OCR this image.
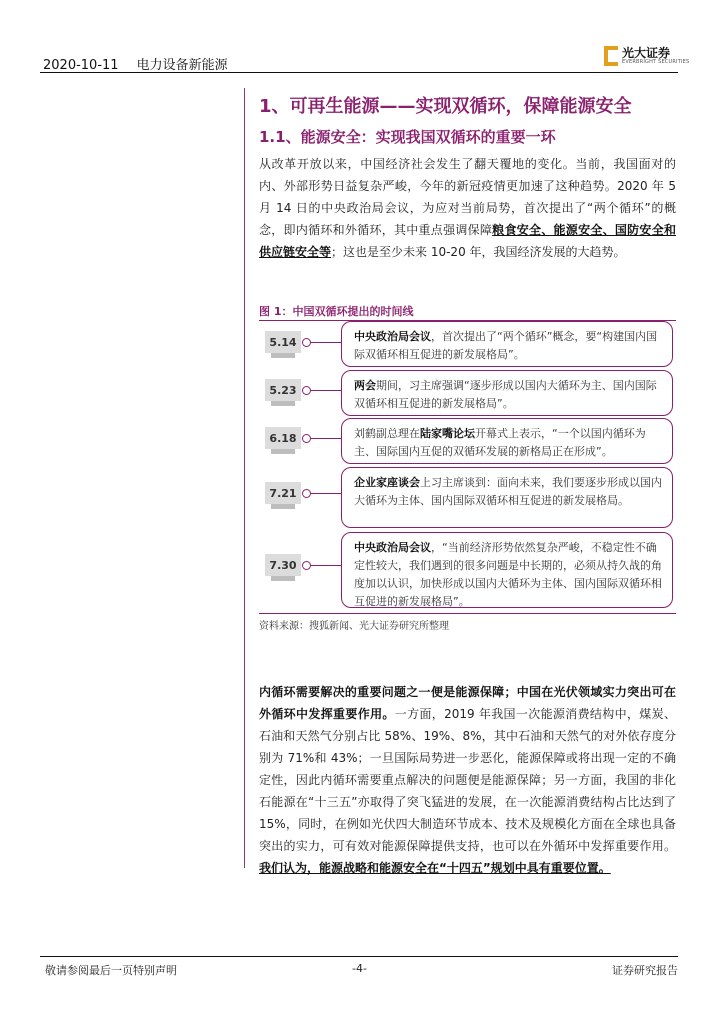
2020-10-11 电力设备新能源
光大证券
EVERBRIGHT SECURITIES
1、可再生能源——实现双循环，保障能源安全
1.1、能源安全：实现我国双循环的重要一环
从改革开放以来，中国经济社会发生了翻天覆地的变化。当前，我国面对的内、外部形势日益复杂严峻，今年的新冠疫情更加速了这种趋势。2020 年 5 月 14 日的中央政治局会议，为应对当前局势，首次提出了“两个循环”的概念，即内循环和外循环，其中重点强调保障粮食安全、能源安全、国防安全和供应链安全等；这也是至少未来 10-20 年，我国经济发展的大趋势。
图 1：中国双循环提出的时间线
5.14	中央政治局会议，首次提出了“两个循环”概念，要“构建国内国际双循环相互促进的新发展格局”。
5.23	两会期间，习主席强调“逐步形成以国内大循环为主、国内国际双循环相互促进的新发展格局”。
6.18	刘鹤副总理在陆家嘴论坛开幕式上表示，“一个以国内循环为主、国际国内互促的双循环发展的新格局正在形成”。
7.21
企业家座谈会上习主席谈到：面向未来，我们要逐步形成以国内大循环为主体、国内国际双循环相互促进的新发展格局。
7.30
中央政治局会议，“当前经济形势依然复杂严峻，不稳定性不确定性较大，我们遇到的很多问题是中长期的，必须从持久战的角度加以认识，加快形成以国内大循环为主体、国内国际双循环相互促进的新发展格局”。
资料来源：搜狐新闻、光大证券研究所整理
内循环需要解决的重要问题之一便是能源保障；中国在光伏领域实力突出可在外循环中发挥重要作用。一方面，2019 年我国一次能源消费结构中，煤炭、石油和天然气分别占比 58%、19%、8%，其中石油和天然气的对外依存度分别为 71%和 43%；一旦国际局势进一步恶化，能源保障或将出现一定的不确定性，因此内循环需要重点解决的问题便是能源保障；另一方面，我国的非化石能源在“十三五”亦取得了突飞猛进的发展，在一次能源消费结构占比达到了 15%，同时，在例如光伏四大制造环节成本、技术及规模化方面在全球也具备突出的实力，可有效对能源保障提供支持，也可以在外循环中发挥重要作用。我们认为，能源战略和能源安全在“十四五”规划中具有重要位置。
敬请参阅最后一页特别声明	-4-	证券研究报告
